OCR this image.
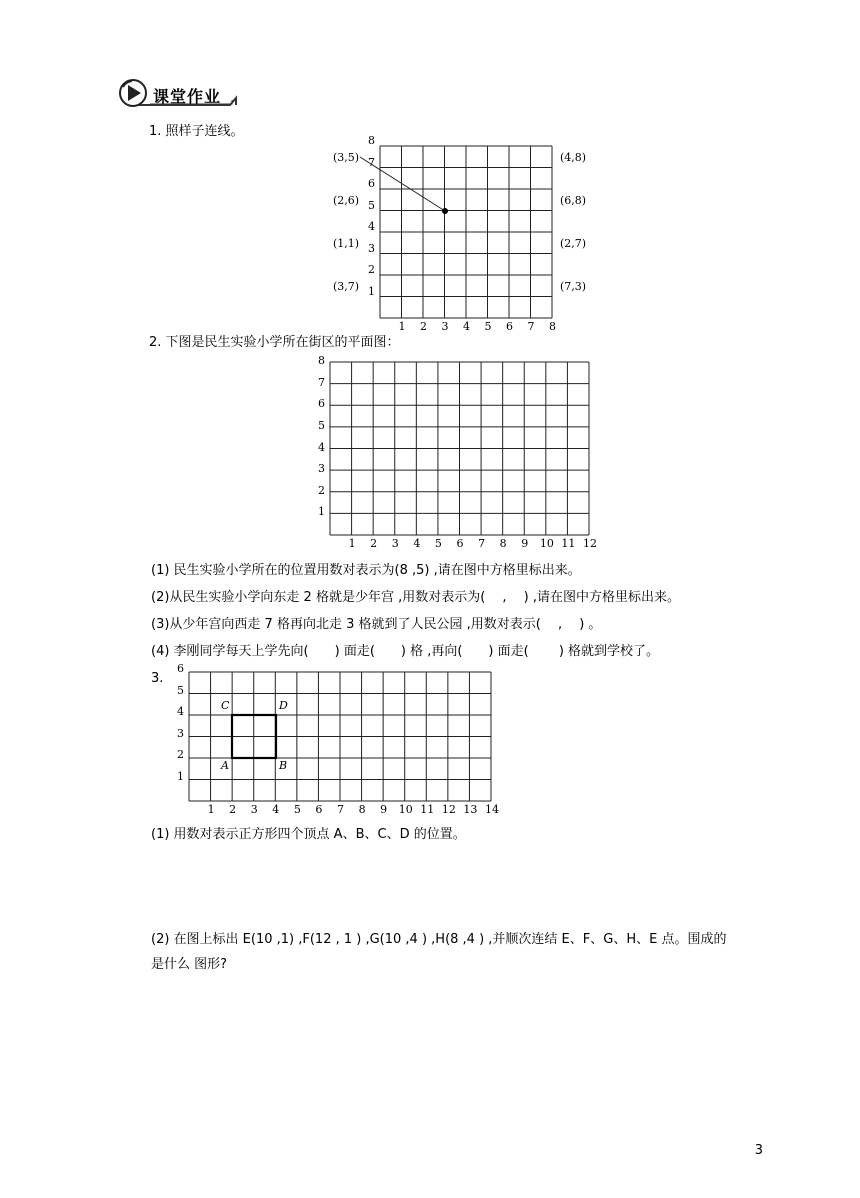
课堂作业
1. 照样子连线。
1
2
3
4
5
6
7
8
1 2 3 4 5 6 7 8
(3,5)
(2,6)
(1,1)
(3,7)
(4,8)
(6,8)
(2,7)
(7,3)
2. 下图是民生实验小学所在街区的平面图：
1
2
3
4
5
6
7
8
1 2 3 4 5 6 7 8 9 10 11 12
(1) 民生实验小学所在的位置用数对表示为(8 ,5) ,请在图中方格里标出来。
(2)从民生实验小学向东走 2 格就是少年宫 ,用数对表示为(　 ,　 ) ,请在图中方格里标出来。
(3)从少年宫向西走 7 格再向北走 3 格就到了人民公园 ,用数对表示(　 ,　 ) 。
(4) 李刚同学每天上学先向(　　) 面走(　　) 格 ,再向(　　) 面走(　　 ) 格就到学校了。
3.
1
2
3
4
5
6
1 2 3 4 5 6 7 8 9 10 11 12 13 14
C	D
A	B
(1) 用数对表示正方形四个顶点 A、B、C、D 的位置。
(2) 在图上标出 E(10 ,1) ,F(12 , 1 ) ,G(10 ,4 ) ,H(8 ,4 ) ,并顺次连结 E、F、G、H、E 点。围成的
是什么 图形?
3
